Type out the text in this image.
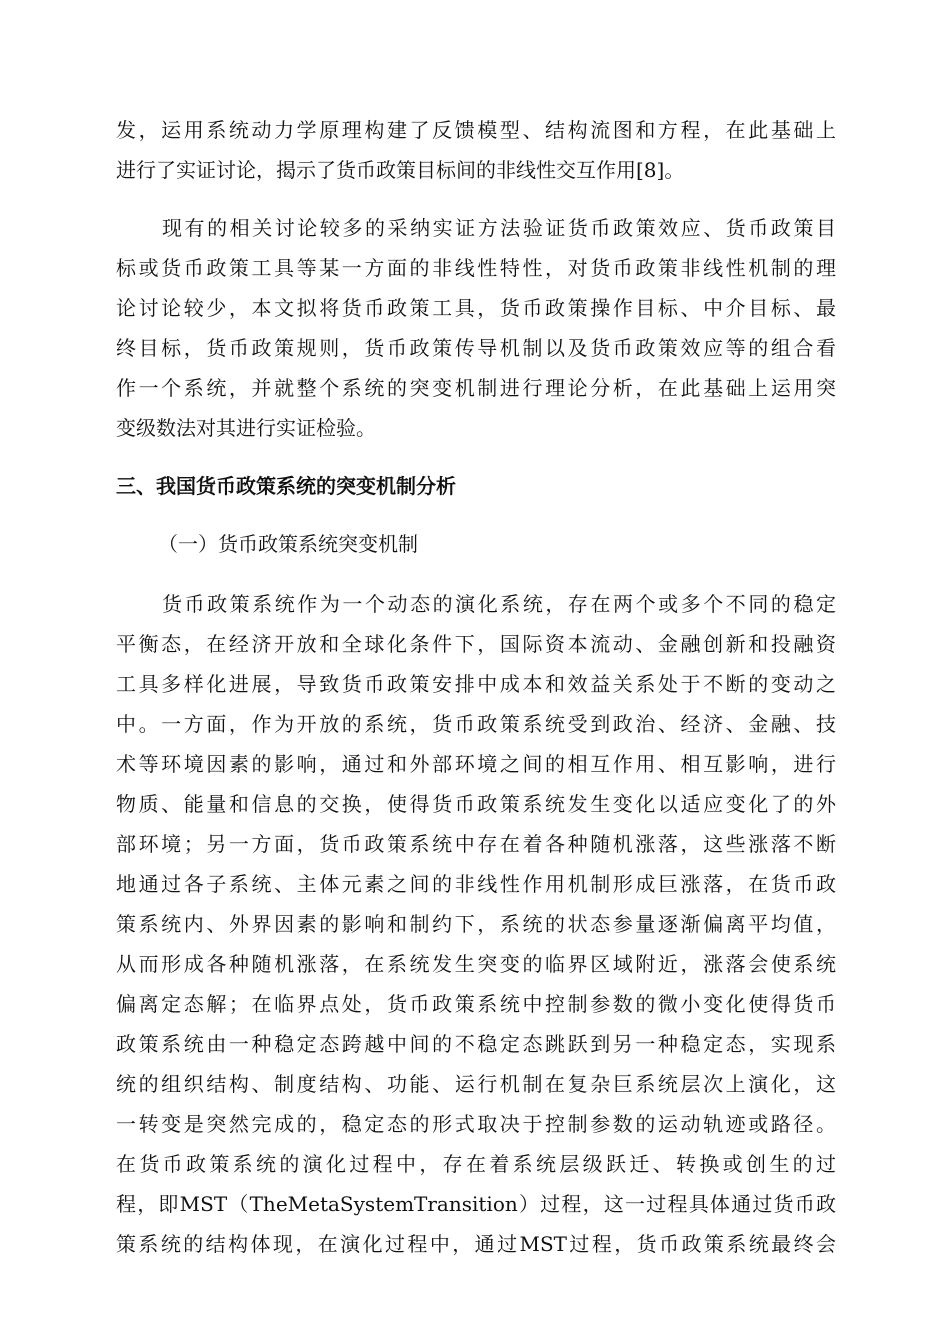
发，运用系统动力学原理构建了反馈模型、结构流图和方程，在此基础上
进行了实证讨论，揭示了货币政策目标间的非线性交互作用[8]。
现有的相关讨论较多的采纳实证方法验证货币政策效应、货币政策目
标或货币政策工具等某一方面的非线性特性，对货币政策非线性机制的理
论讨论较少，本文拟将货币政策工具，货币政策操作目标、中介目标、最
终目标，货币政策规则，货币政策传导机制以及货币政策效应等的组合看
作一个系统，并就整个系统的突变机制进行理论分析，在此基础上运用突
变级数法对其进行实证检验。
三、我国货币政策系统的突变机制分析
（一）货币政策系统突变机制
货币政策系统作为一个动态的演化系统，存在两个或多个不同的稳定
平衡态，在经济开放和全球化条件下，国际资本流动、金融创新和投融资
工具多样化进展，导致货币政策安排中成本和效益关系处于不断的变动之
中。一方面，作为开放的系统，货币政策系统受到政治、经济、金融、技
术等环境因素的影响，通过和外部环境之间的相互作用、相互影响，进行
物质、能量和信息的交换，使得货币政策系统发生变化以适应变化了的外
部环境；另一方面，货币政策系统中存在着各种随机涨落，这些涨落不断
地通过各子系统、主体元素之间的非线性作用机制形成巨涨落，在货币政
策系统内、外界因素的影响和制约下，系统的状态参量逐渐偏离平均值，
从而形成各种随机涨落，在系统发生突变的临界区域附近，涨落会使系统
偏离定态解；在临界点处，货币政策系统中控制参数的微小变化使得货币
政策系统由一种稳定态跨越中间的不稳定态跳跃到另一种稳定态，实现系
统的组织结构、制度结构、功能、运行机制在复杂巨系统层次上演化，这
一转变是突然完成的，稳定态的形式取决于控制参数的运动轨迹或路径。
在货币政策系统的演化过程中，存在着系统层级跃迁、转换或创生的过
程，即MST（TheMetaSystemTransition）过程，这一过程具体通过货币政
策系统的结构体现，在演化过程中，通过MST过程，货币政策系统最终会
